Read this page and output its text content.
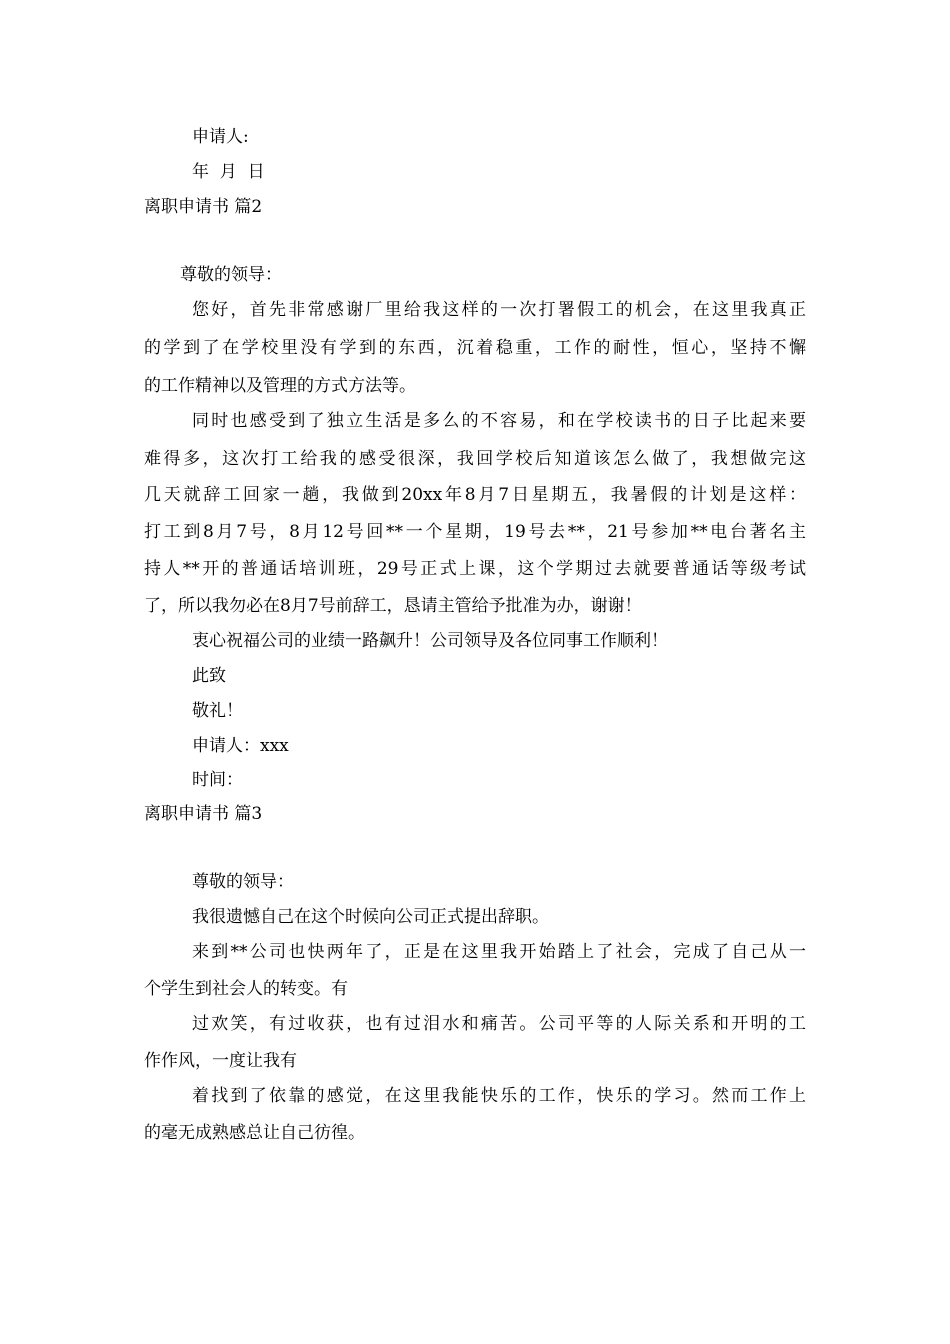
申请人:
年  月  日
离职申请书 篇2
尊敬的领导：
您好，首先非常感谢厂里给我这样的一次打署假工的机会，在这里我真正
的学到了在学校里没有学到的东西，沉着稳重，工作的耐性，恒心，坚持不懈
的工作精神以及管理的方式方法等。
同时也感受到了独立生活是多么的不容易，和在学校读书的日子比起来要
难得多，这次打工给我的感受很深，我回学校后知道该怎么做了，我想做完这
几天就辞工回家一趟，我做到20xx年8月7日星期五，我暑假的计划是这样：
打工到8月7号，8月12号回**一个星期，19号去**，21号参加**电台著名主
持人**开的普通话培训班，29号正式上课，这个学期过去就要普通话等级考试
了，所以我勿必在8月7号前辞工，恳请主管给予批准为办，谢谢！
衷心祝福公司的业绩一路飙升！公司领导及各位同事工作顺利！
此致
敬礼！
申请人：xxx
时间：
离职申请书 篇3
尊敬的领导：
我很遗憾自己在这个时候向公司正式提出辞职。
来到**公司也快两年了，正是在这里我开始踏上了社会，完成了自己从一
个学生到社会人的转变。有
过欢笑，有过收获，也有过泪水和痛苦。公司平等的人际关系和开明的工
作作风，一度让我有
着找到了依靠的感觉，在这里我能快乐的工作，快乐的学习。然而工作上
的毫无成熟感总让自己彷徨。
